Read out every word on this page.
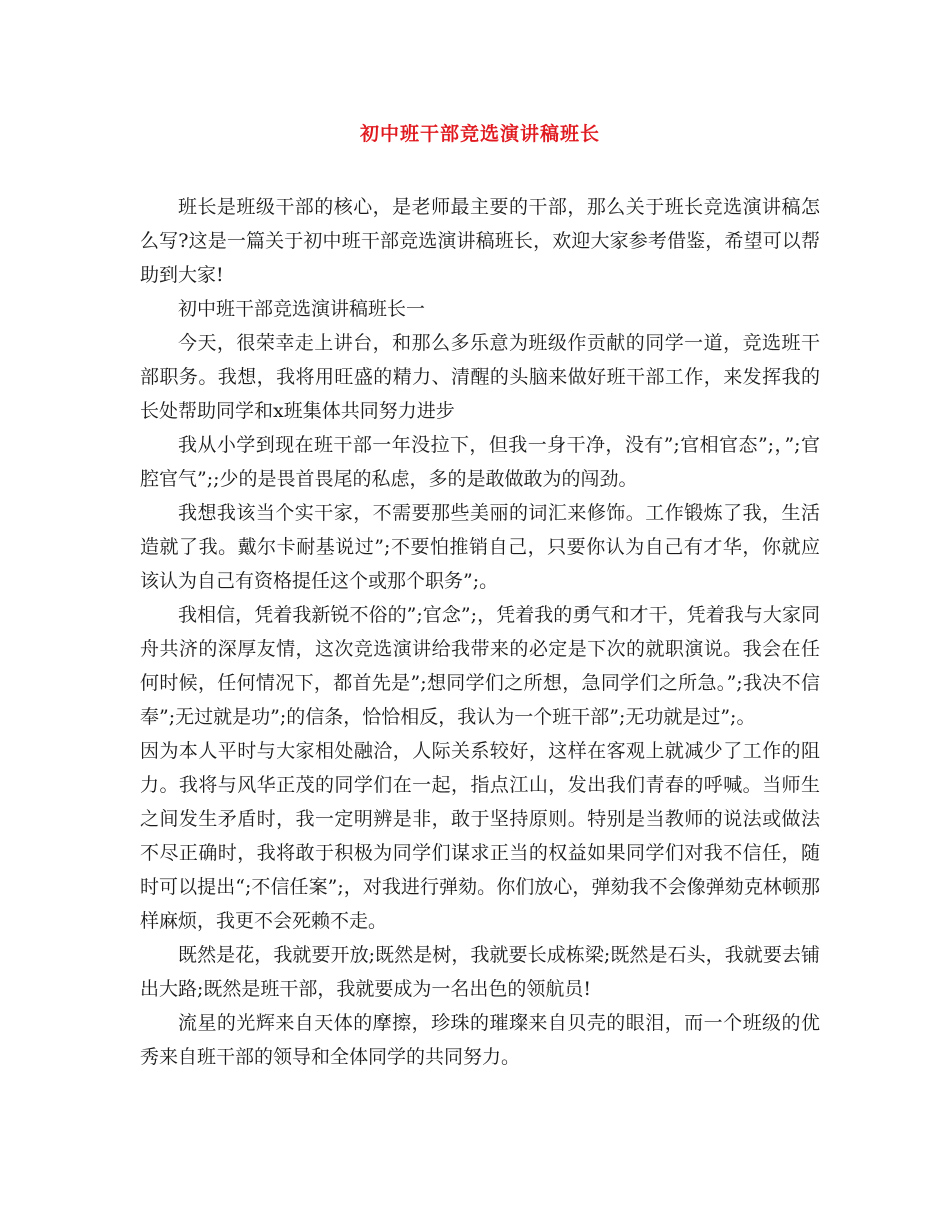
初中班干部竞选演讲稿班长

班长是班级干部的核心，是老师最主要的干部，那么关于班长竞选演讲稿怎么写?这是一篇关于初中班干部竞选演讲稿班长，欢迎大家参考借鉴，希望可以帮助到大家!

初中班干部竞选演讲稿班长一

今天，很荣幸走上讲台，和那么多乐意为班级作贡献的同学一道，竞选班干部职务。我想，我将用旺盛的精力、清醒的头脑来做好班干部工作，来发挥我的长处帮助同学和x班集体共同努力进步

我从小学到现在班干部一年没拉下，但我一身干净，没有”;官相官态”;，”;官腔官气”;;少的是畏首畏尾的私虑，多的是敢做敢为的闯劲。

我想我该当个实干家，不需要那些美丽的词汇来修饰。工作锻炼了我，生活造就了我。戴尔卡耐基说过”;不要怕推销自己，只要你认为自己有才华，你就应该认为自己有资格提任这个或那个职务”;。

我相信，凭着我新锐不俗的”;官念”;，凭着我的勇气和才干，凭着我与大家同舟共济的深厚友情，这次竞选演讲给我带来的必定是下次的就职演说。我会在任何时候，任何情况下，都首先是”;想同学们之所想，急同学们之所急。”;我决不信奉”;无过就是功”;的信条，恰恰相反，我认为一个班干部”;无功就是过”;。

因为本人平时与大家相处融洽，人际关系较好，这样在客观上就减少了工作的阻力。我将与风华正茂的同学们在一起，指点江山，发出我们青春的呼喊。当师生之间发生矛盾时，我一定明辨是非，敢于坚持原则。特别是当教师的说法或做法不尽正确时，我将敢于积极为同学们谋求正当的权益如果同学们对我不信任，随时可以提出“;不信任案”;，对我进行弹劾。你们放心，弹劾我不会像弹劾克林顿那样麻烦，我更不会死赖不走。

既然是花，我就要开放;既然是树，我就要长成栋梁;既然是石头，我就要去铺出大路;既然是班干部，我就要成为一名出色的领航员!

流星的光辉来自天体的摩擦，珍珠的璀璨来自贝壳的眼泪，而一个班级的优秀来自班干部的领导和全体同学的共同努力。
